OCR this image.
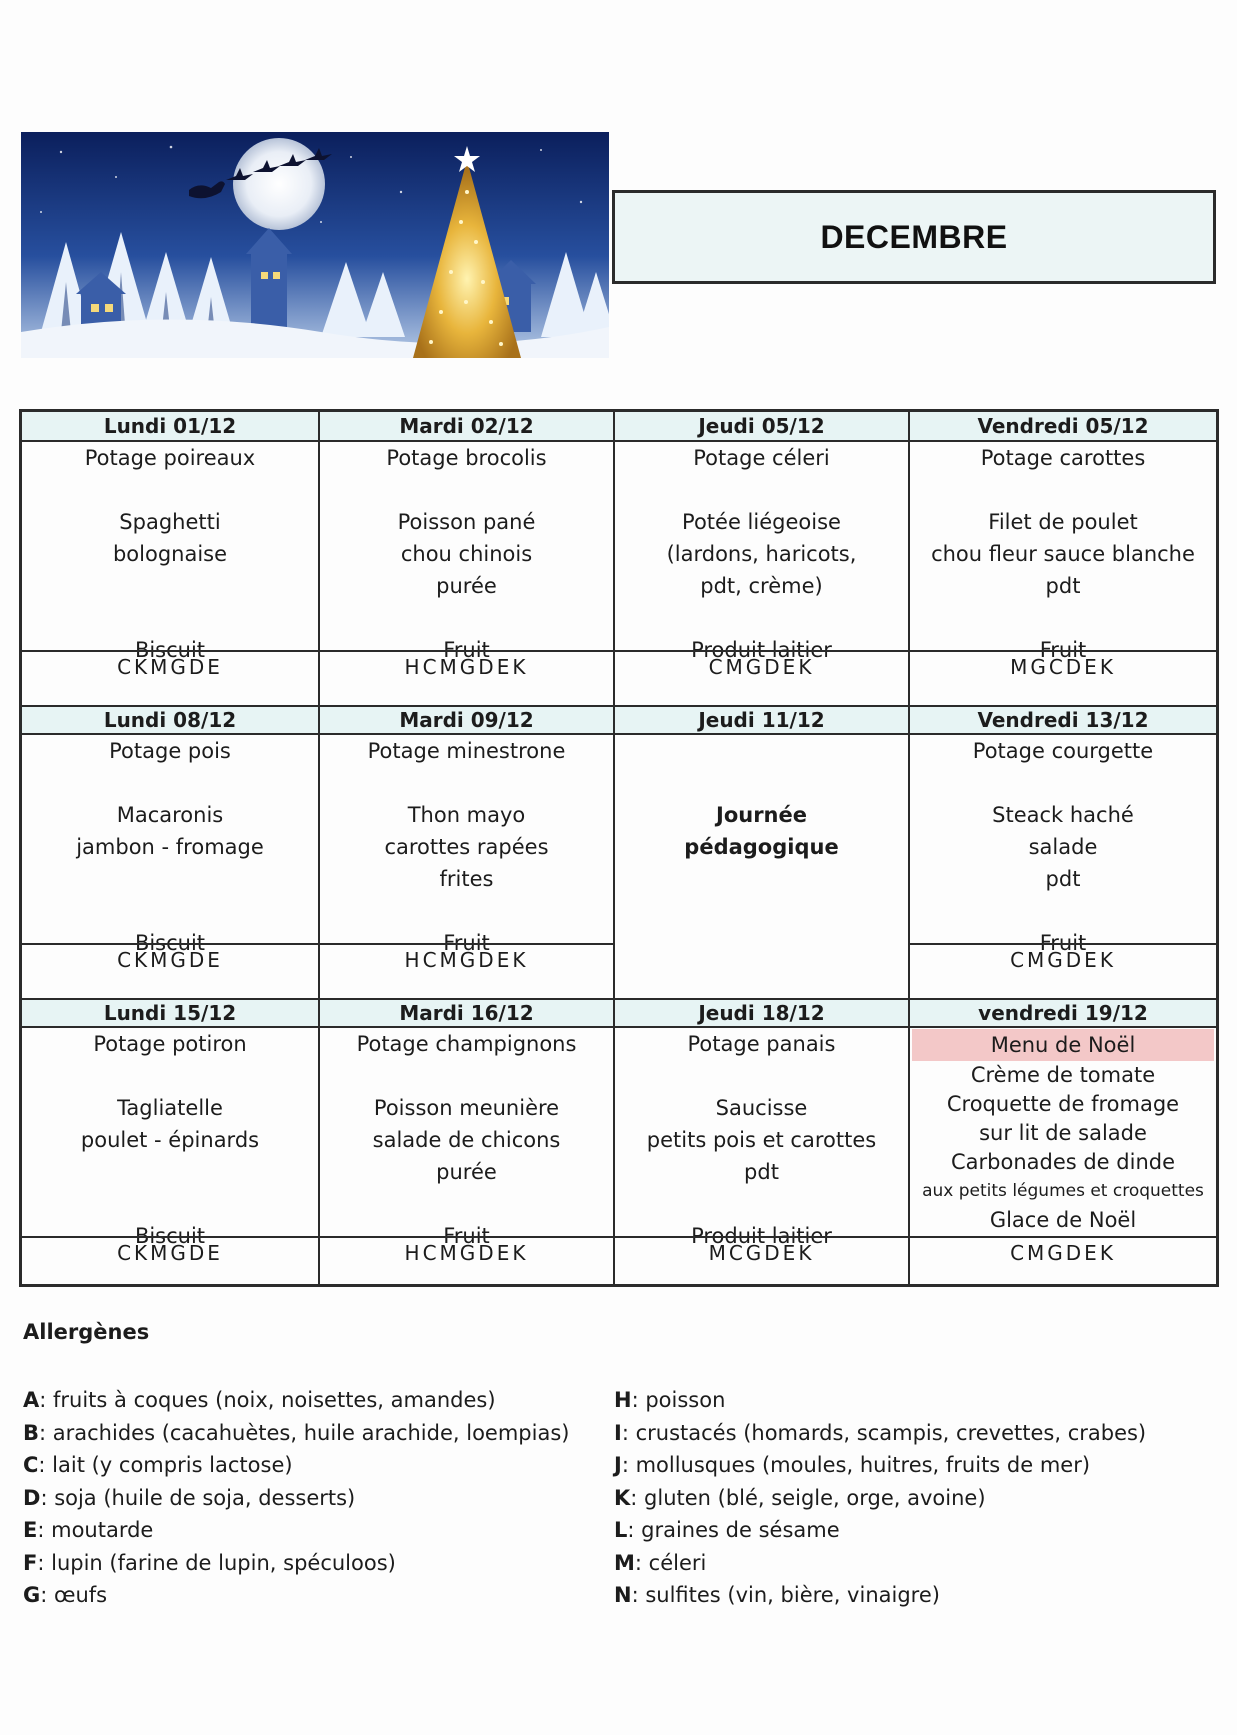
DECEMBRE
Lundi 01/12
Potage poireaux
Spaghetti
bolognaise
Biscuit
CKMGDE
Mardi 02/12
Potage brocolis
Poisson pané
chou chinois
purée
Fruit
HCMGDEK
Jeudi 05/12
Potage céleri
Potée liégeoise
(lardons, haricots,
pdt, crème)
Produit laitier
CMGDEK
Vendredi 05/12
Potage carottes
Filet de poulet
chou fleur sauce blanche
pdt
Fruit
MGCDEK
Lundi 08/12
Potage pois
Macaronis
jambon - fromage
Biscuit
CKMGDE
Mardi 09/12
Potage minestrone
Thon mayo
carottes rapées
frites
Fruit
HCMGDEK
Jeudi 11/12
Journée
pédagogique
Vendredi 13/12
Potage courgette
Steack haché
salade
pdt
Fruit
CMGDEK
Lundi 15/12
Potage potiron
Tagliatelle
poulet - épinards
Biscuit
CKMGDE
Mardi 16/12
Potage champignons
Poisson meunière
salade de chicons
purée
Fruit
HCMGDEK
Jeudi 18/12
Potage panais
Saucisse
petits pois et carottes
pdt
Produit laitier
MCGDEK
vendredi 19/12
Menu de Noël
Crème de tomate
Croquette de fromage
sur lit de salade
Carbonades de dinde
aux petits légumes et croquettes
Glace de Noël
CMGDEK
Allergènes
A: fruits à coques (noix, noisettes, amandes)
B: arachides (cacahuètes, huile arachide, loempias)
C: lait (y compris lactose)
D: soja (huile de soja, desserts)
E: moutarde
F: lupin (farine de lupin, spéculoos)
G: œufs
H: poisson
I: crustacés (homards, scampis, crevettes, crabes)
J: mollusques (moules, huitres, fruits de mer)
K: gluten (blé, seigle, orge, avoine)
L: graines de sésame
M: céleri
N: sulfites (vin, bière, vinaigre)
